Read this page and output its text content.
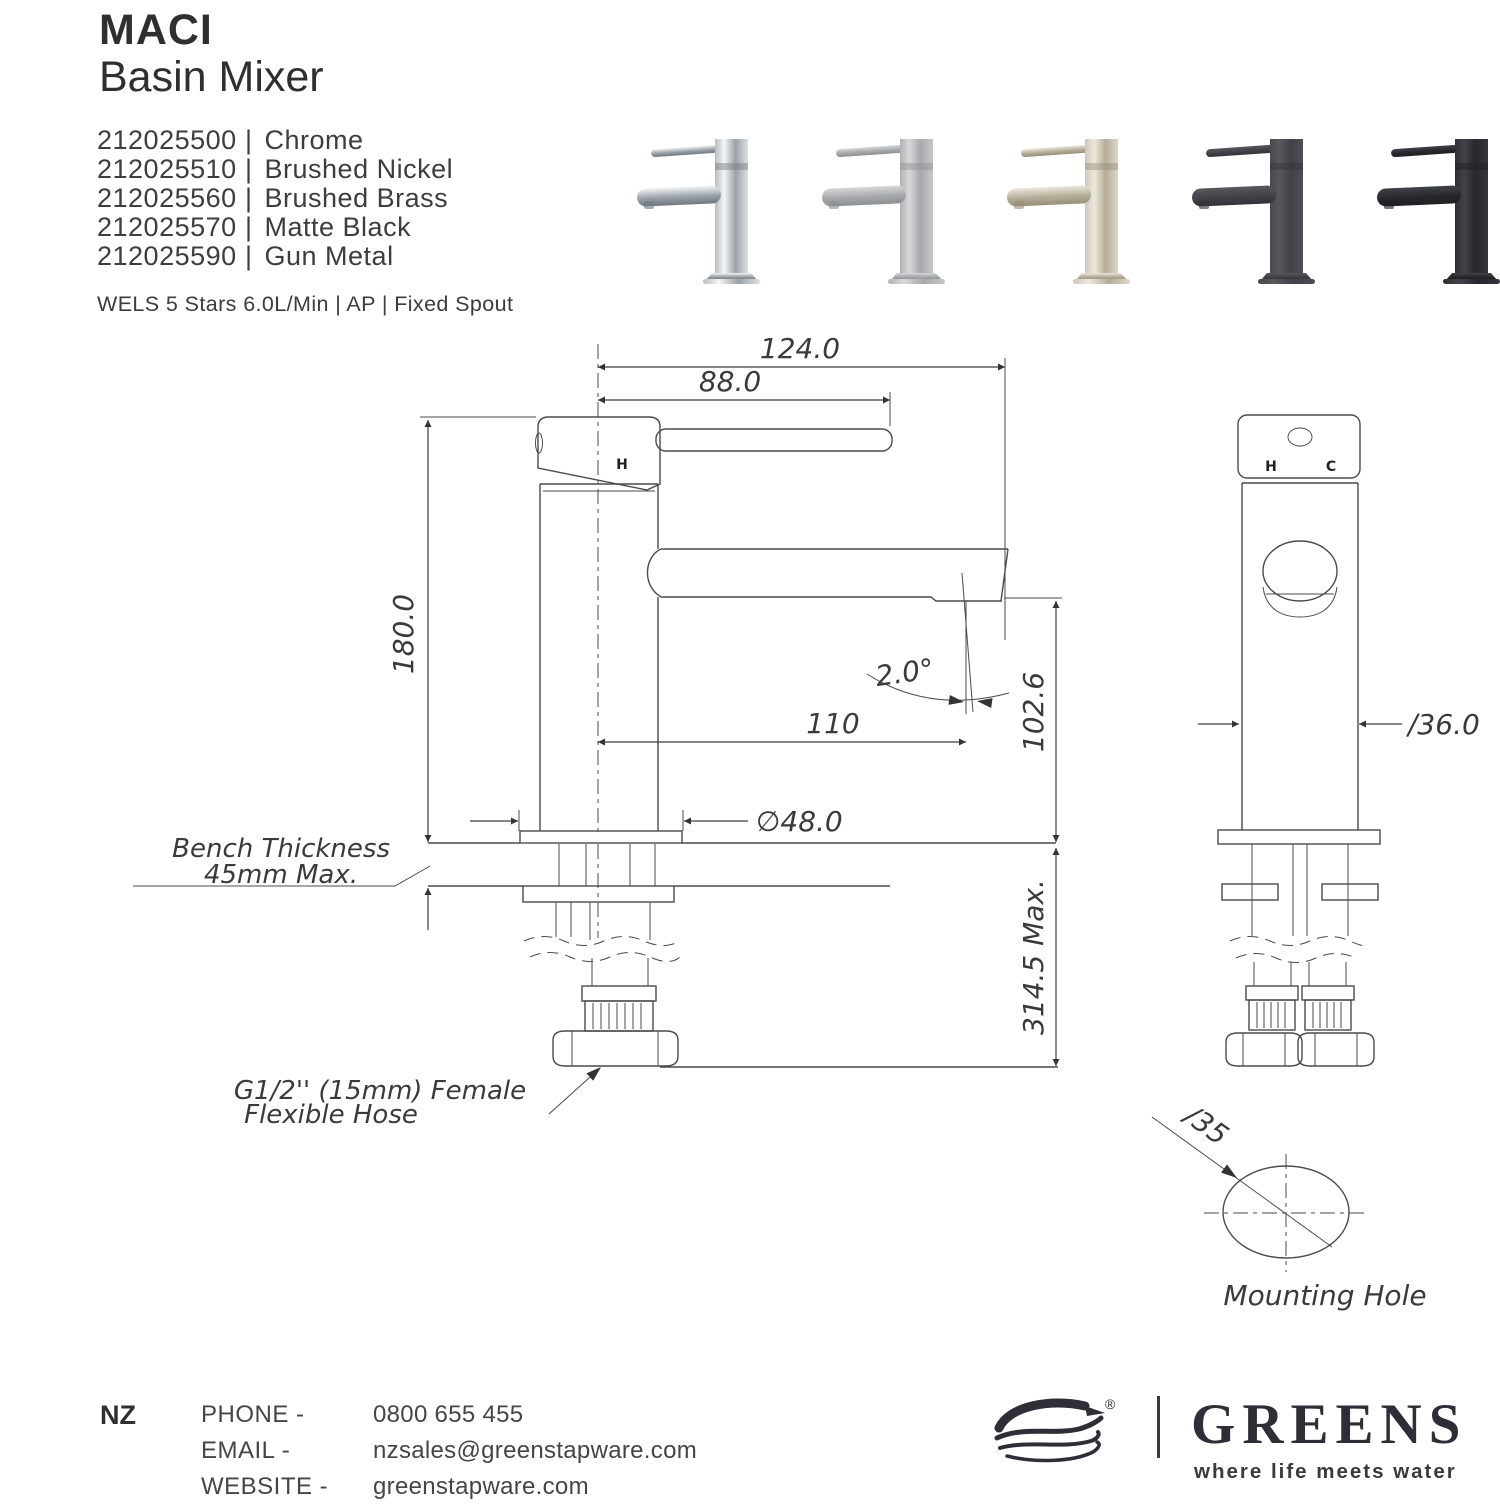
MACI
Basin Mixer
212025500 | Chrome
212025510 | Brushed Nickel
212025560 | Brushed Brass
212025570 | Matte Black
212025590 | Gun Metal
WELS 5 Stars 6.0L/Min | AP | Fixed Spout
124.0
88.0
180.0
H
2.0°
110	102.6
314.5 Max.
∅48.0
Bench Thickness
45mm Max.
G1/2'' (15mm) Female
Flexible Hose
H	C
∕36.0
∕35
Mounting Hole
NZ	PHONE -	0800 655 455
EMAIL -	nzsales@greenstapware.com
WEBSITE - greenstapware.com
® GREENS
where life meets water
